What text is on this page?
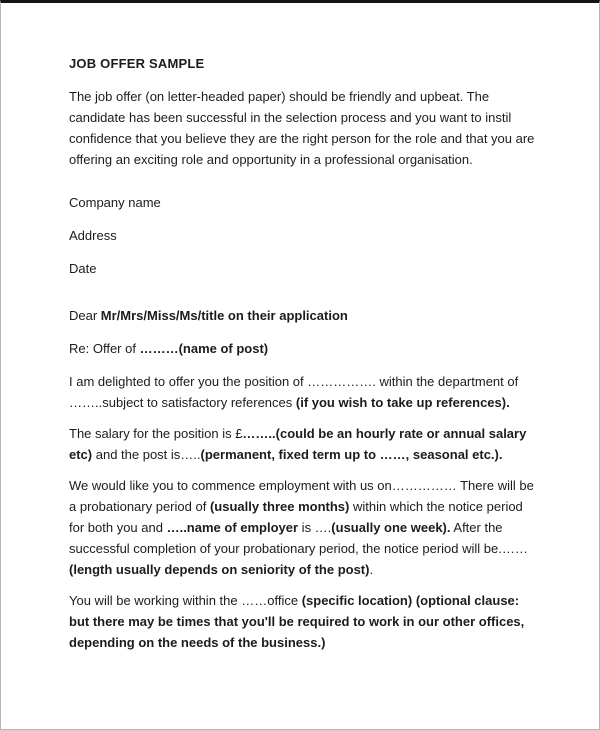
JOB OFFER SAMPLE

The job offer (on letter-headed paper) should be friendly and upbeat. The candidate has been successful in the selection process and you want to instil confidence that you believe they are the right person for the role and that you are offering an exciting role and opportunity in a professional organisation.

Company name

Address

Date

Dear Mr/Mrs/Miss/Ms/title on their application

Re: Offer of ………(name of post)

I am delighted to offer you the position of ……………. within the department of ……..subject to satisfactory references (if you wish to take up references).

The salary for the position is £……..(could be an hourly rate or annual salary etc) and the post is…..(permanent, fixed term up to ……, seasonal etc.).

We would like you to commence employment with us on…………… There will be a probationary period of (usually three months) within which the notice period for both you and …..name of employer is ….(usually one week). After the successful completion of your probationary period, the notice period will be.……(length usually depends on seniority of the post).

You will be working within the ……office (specific location) (optional clause: but there may be times that you'll be required to work in our other offices, depending on the needs of the business.)
